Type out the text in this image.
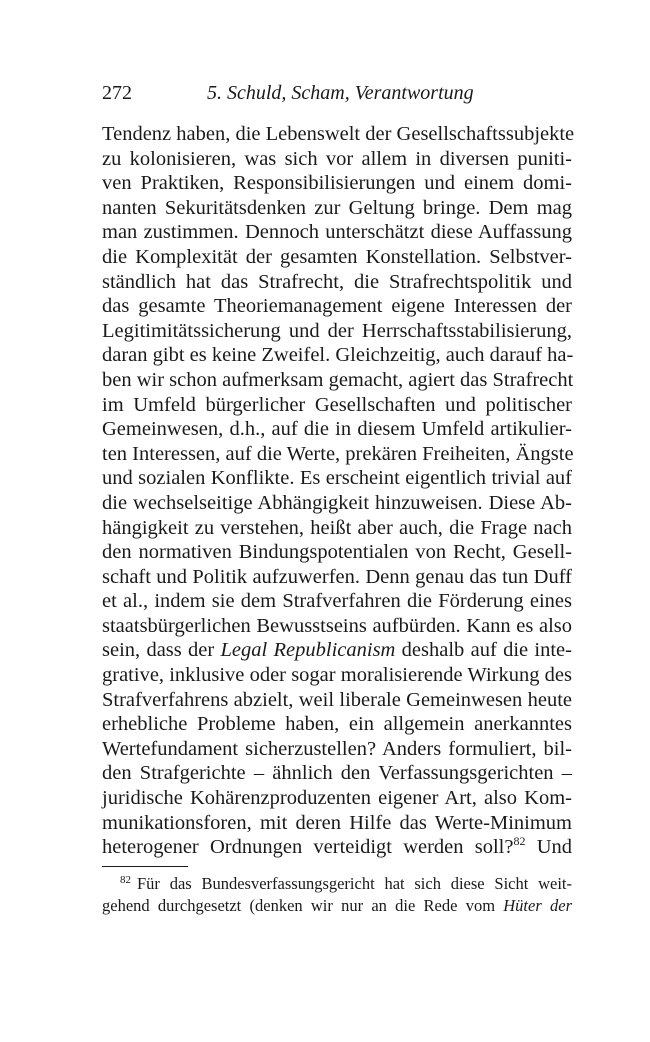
272	5. Schuld, Scham, Verantwortung
Tendenz haben, die Lebenswelt der Gesellschaftssubjekte
zu kolonisieren, was sich vor allem in diversen puniti-
ven Praktiken, Responsibilisierungen und einem domi-
nanten Sekuritätsdenken zur Geltung bringe. Dem mag
man zustimmen. Dennoch unterschätzt diese Auffassung
die Komplexität der gesamten Konstellation. Selbstver-
ständlich hat das Strafrecht, die Strafrechtspolitik und
das gesamte Theoriemanagement eigene Interessen der
Legitimitätssicherung und der Herrschaftsstabilisierung,
daran gibt es keine Zweifel. Gleichzeitig, auch darauf ha-
ben wir schon aufmerksam gemacht, agiert das Strafrecht
im Umfeld bürgerlicher Gesellschaften und politischer
Gemeinwesen, d.h., auf die in diesem Umfeld artikulier-
ten Interessen, auf die Werte, prekären Freiheiten, Ängste
und sozialen Konflikte. Es erscheint eigentlich trivial auf
die wechselseitige Abhängigkeit hinzuweisen. Diese Ab-
hängigkeit zu verstehen, heißt aber auch, die Frage nach
den normativen Bindungspotentialen von Recht, Gesell-
schaft und Politik aufzuwerfen. Denn genau das tun Duff
et al., indem sie dem Strafverfahren die Förderung eines
staatsbürgerlichen Bewusstseins aufbürden. Kann es also
sein, dass der Legal Republicanism deshalb auf die inte-
grative, inklusive oder sogar moralisierende Wirkung des
Strafverfahrens abzielt, weil liberale Gemeinwesen heute
erhebliche Probleme haben, ein allgemein anerkanntes
Wertefundament sicherzustellen? Anders formuliert, bil-
den Strafgerichte – ähnlich den Verfassungsgerichten –
juridische Kohärenzproduzenten eigener Art, also Kom-
munikationsforen, mit deren Hilfe das Werte-Minimum
heterogener Ordnungen verteidigt werden soll?$^{82}$ Und
$^{82}$ Für das Bundesverfassungsgericht hat sich diese Sicht weit-
gehend durchgesetzt (denken wir nur an die Rede vom Hüter der
